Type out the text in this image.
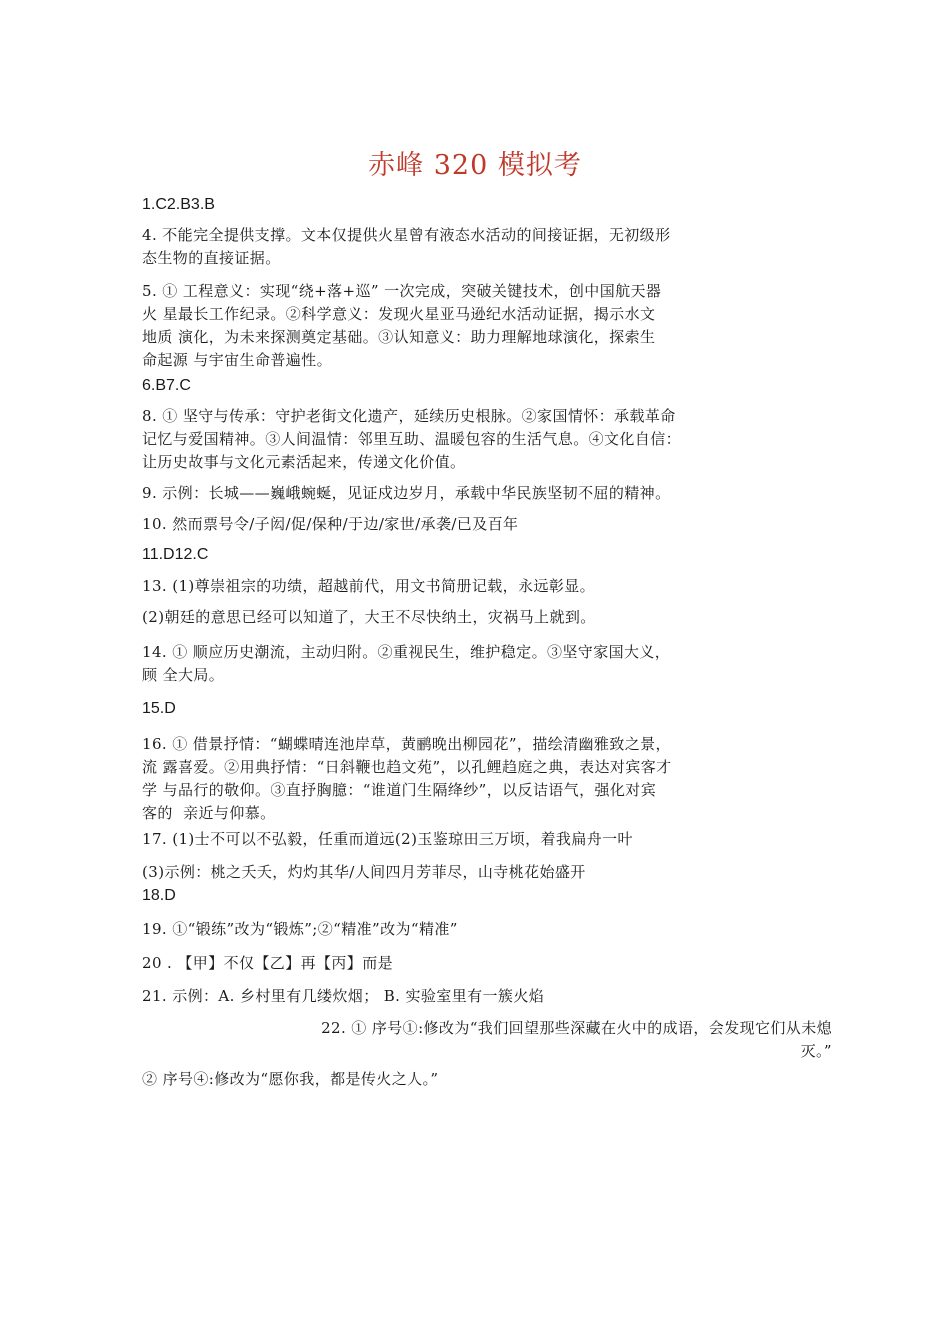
赤峰 320 模拟考
1.C2.B3.B
4. 不能完全提供支撑。文本仅提供火星曾有液态水活动的间接证据，无初级形
态生物的直接证据。
5. ① 工程意义：实现“绕+落+巡” 一次完成，突破关键技术，创中国航天器
火 星最长工作纪录。②科学意义：发现火星亚马逊纪水活动证据，揭示水文
地质 演化，为未来探测奠定基础。③认知意义：助力理解地球演化，探索生
命起源 与宇宙生命普遍性。
6.B7.C
8. ① 坚守与传承：守护老街文化遗产，延续历史根脉。②家国情怀：承载革命
记忆与爱国精神。③人间温情：邻里互助、温暖包容的生活气息。④文化自信：
让历史故事与文化元素活起来，传递文化价值。
9. 示例：长城——巍峨蜿蜒，见证戍边岁月，承载中华民族坚韧不屈的精神。
10. 然而票号令/子闳/促/保种/于边/家世/承袭/已及百年
11.D12.C
13. (1)尊崇祖宗的功绩，超越前代，用文书简册记载，永远彰显。
(2)朝廷的意思已经可以知道了，大王不尽快纳土，灾祸马上就到。
14. ① 顺应历史潮流，主动归附。②重视民生，维护稳定。③坚守家国大义，
顾 全大局。
15.D
16. ① 借景抒情：“蝴蝶晴连池岸草，黄鹂晚出柳园花”，描绘清幽雅致之景，
流 露喜爱。②用典抒情：“日斜鞭也趋文苑”，以孔鲤趋庭之典，表达对宾客才
学 与品行的敬仰。③直抒胸臆：“谁道门生隔绛纱”，以反诘语气，强化对宾
客的  亲近与仰慕。
17. (1)士不可以不弘毅，任重而道远(2)玉鉴琼田三万顷，着我扁舟一叶
(3)示例：桃之夭夭，灼灼其华/人间四月芳菲尽，山寺桃花始盛开
18.D
19. ①“锻练”改为“锻炼”;②“精准”改为“精准”
20 . 【甲】不仅【乙】再【丙】而是
21. 示例：A. 乡村里有几缕炊烟； B. 实验室里有一簇火焰
22. ① 序号①:修改为“我们回望那些深藏在火中的成语，会发现它们从未熄
灭。”
② 序号④:修改为“愿你我，都是传火之人。”
